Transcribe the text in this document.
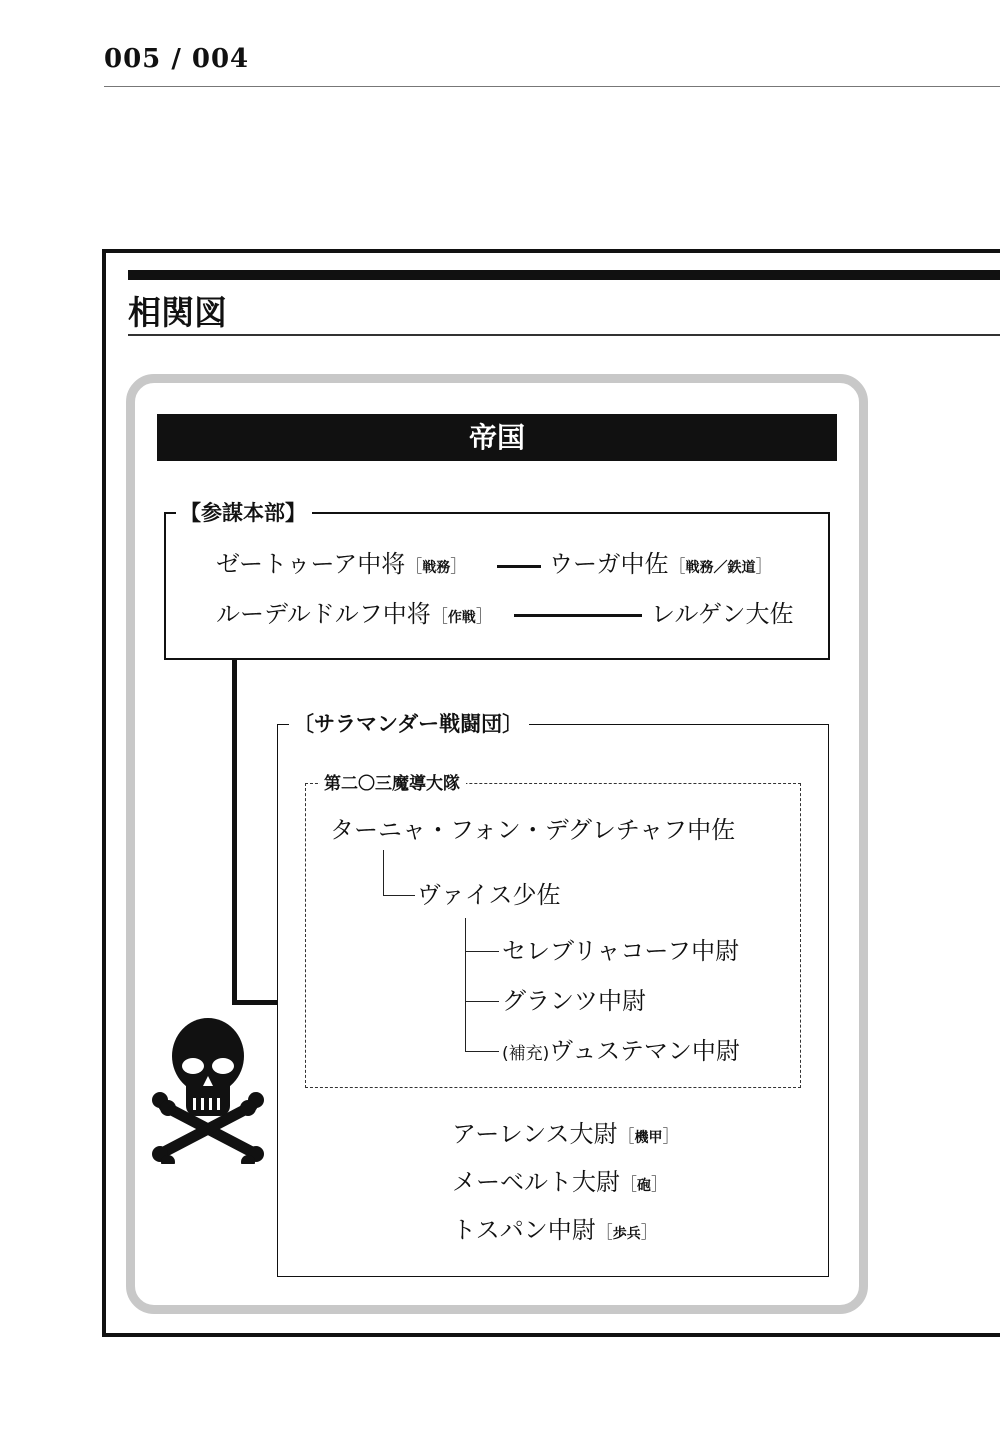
005 / 004
相関図
帝国
【参謀本部】
ゼートゥーア中将［戦務］	ウーガ中佐［戦務／鉄道］
ルーデルドルフ中将［作戦］	レルゲン大佐
〔サラマンダー戦闘団〕
第二〇三魔導大隊
ターニャ・フォン・デグレチャフ中佐
ヴァイス少佐
セレブリャコーフ中尉
グランツ中尉
(補充)ヴュステマン中尉
アーレンス大尉［機甲］
メーベルト大尉［砲］
トスパン中尉［歩兵］
